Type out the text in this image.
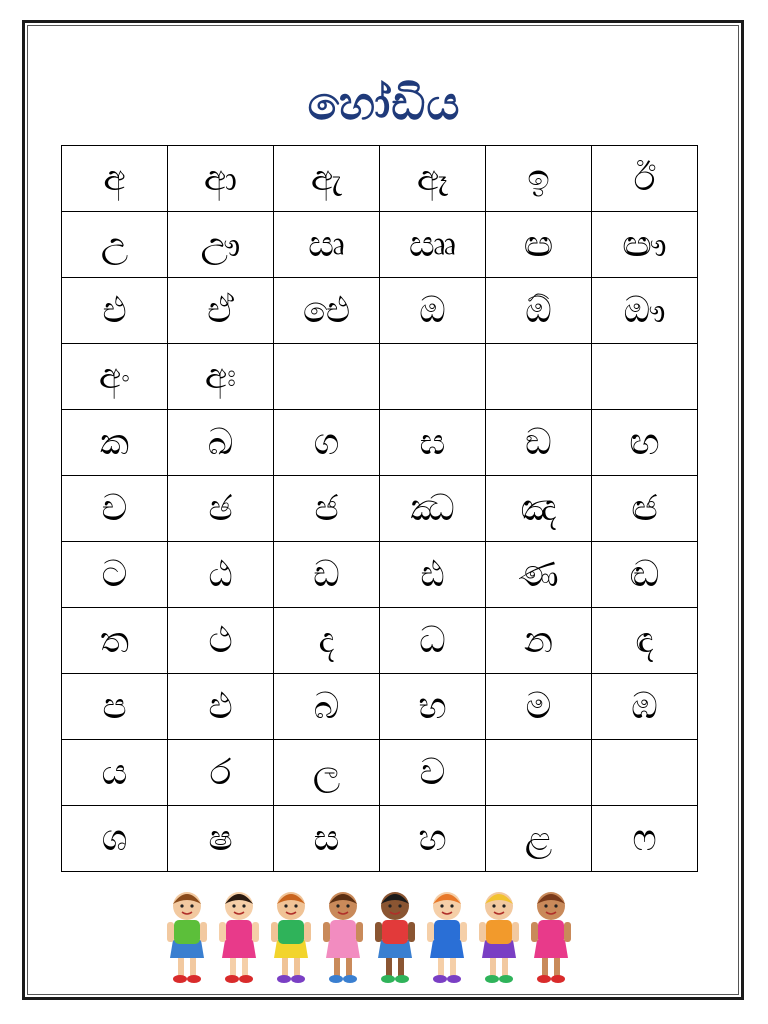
හෝඩිය
අ	ආ	ඇ	ඈ	ඉ	ඊ
උ	ඌ	ඍ	ඎ	ඏ	ඐ
එ	ඒ	ඓ	ඔ	ඕ	ඖ
අං	අඃ				
ක	ඛ	ග	ඝ	ඞ	ඟ
ච	ඡ	ජ	ඣ	ඤ	ඦ
ට	ඨ	ඩ	ඪ	ණ	ඬ
ත	ථ	ද	ධ	න	ඳ
ප	ඵ	බ	භ	ම	ඹ
ය	ර	ල	ව		
ශ	ෂ	ස	හ	ළ	ෆ
